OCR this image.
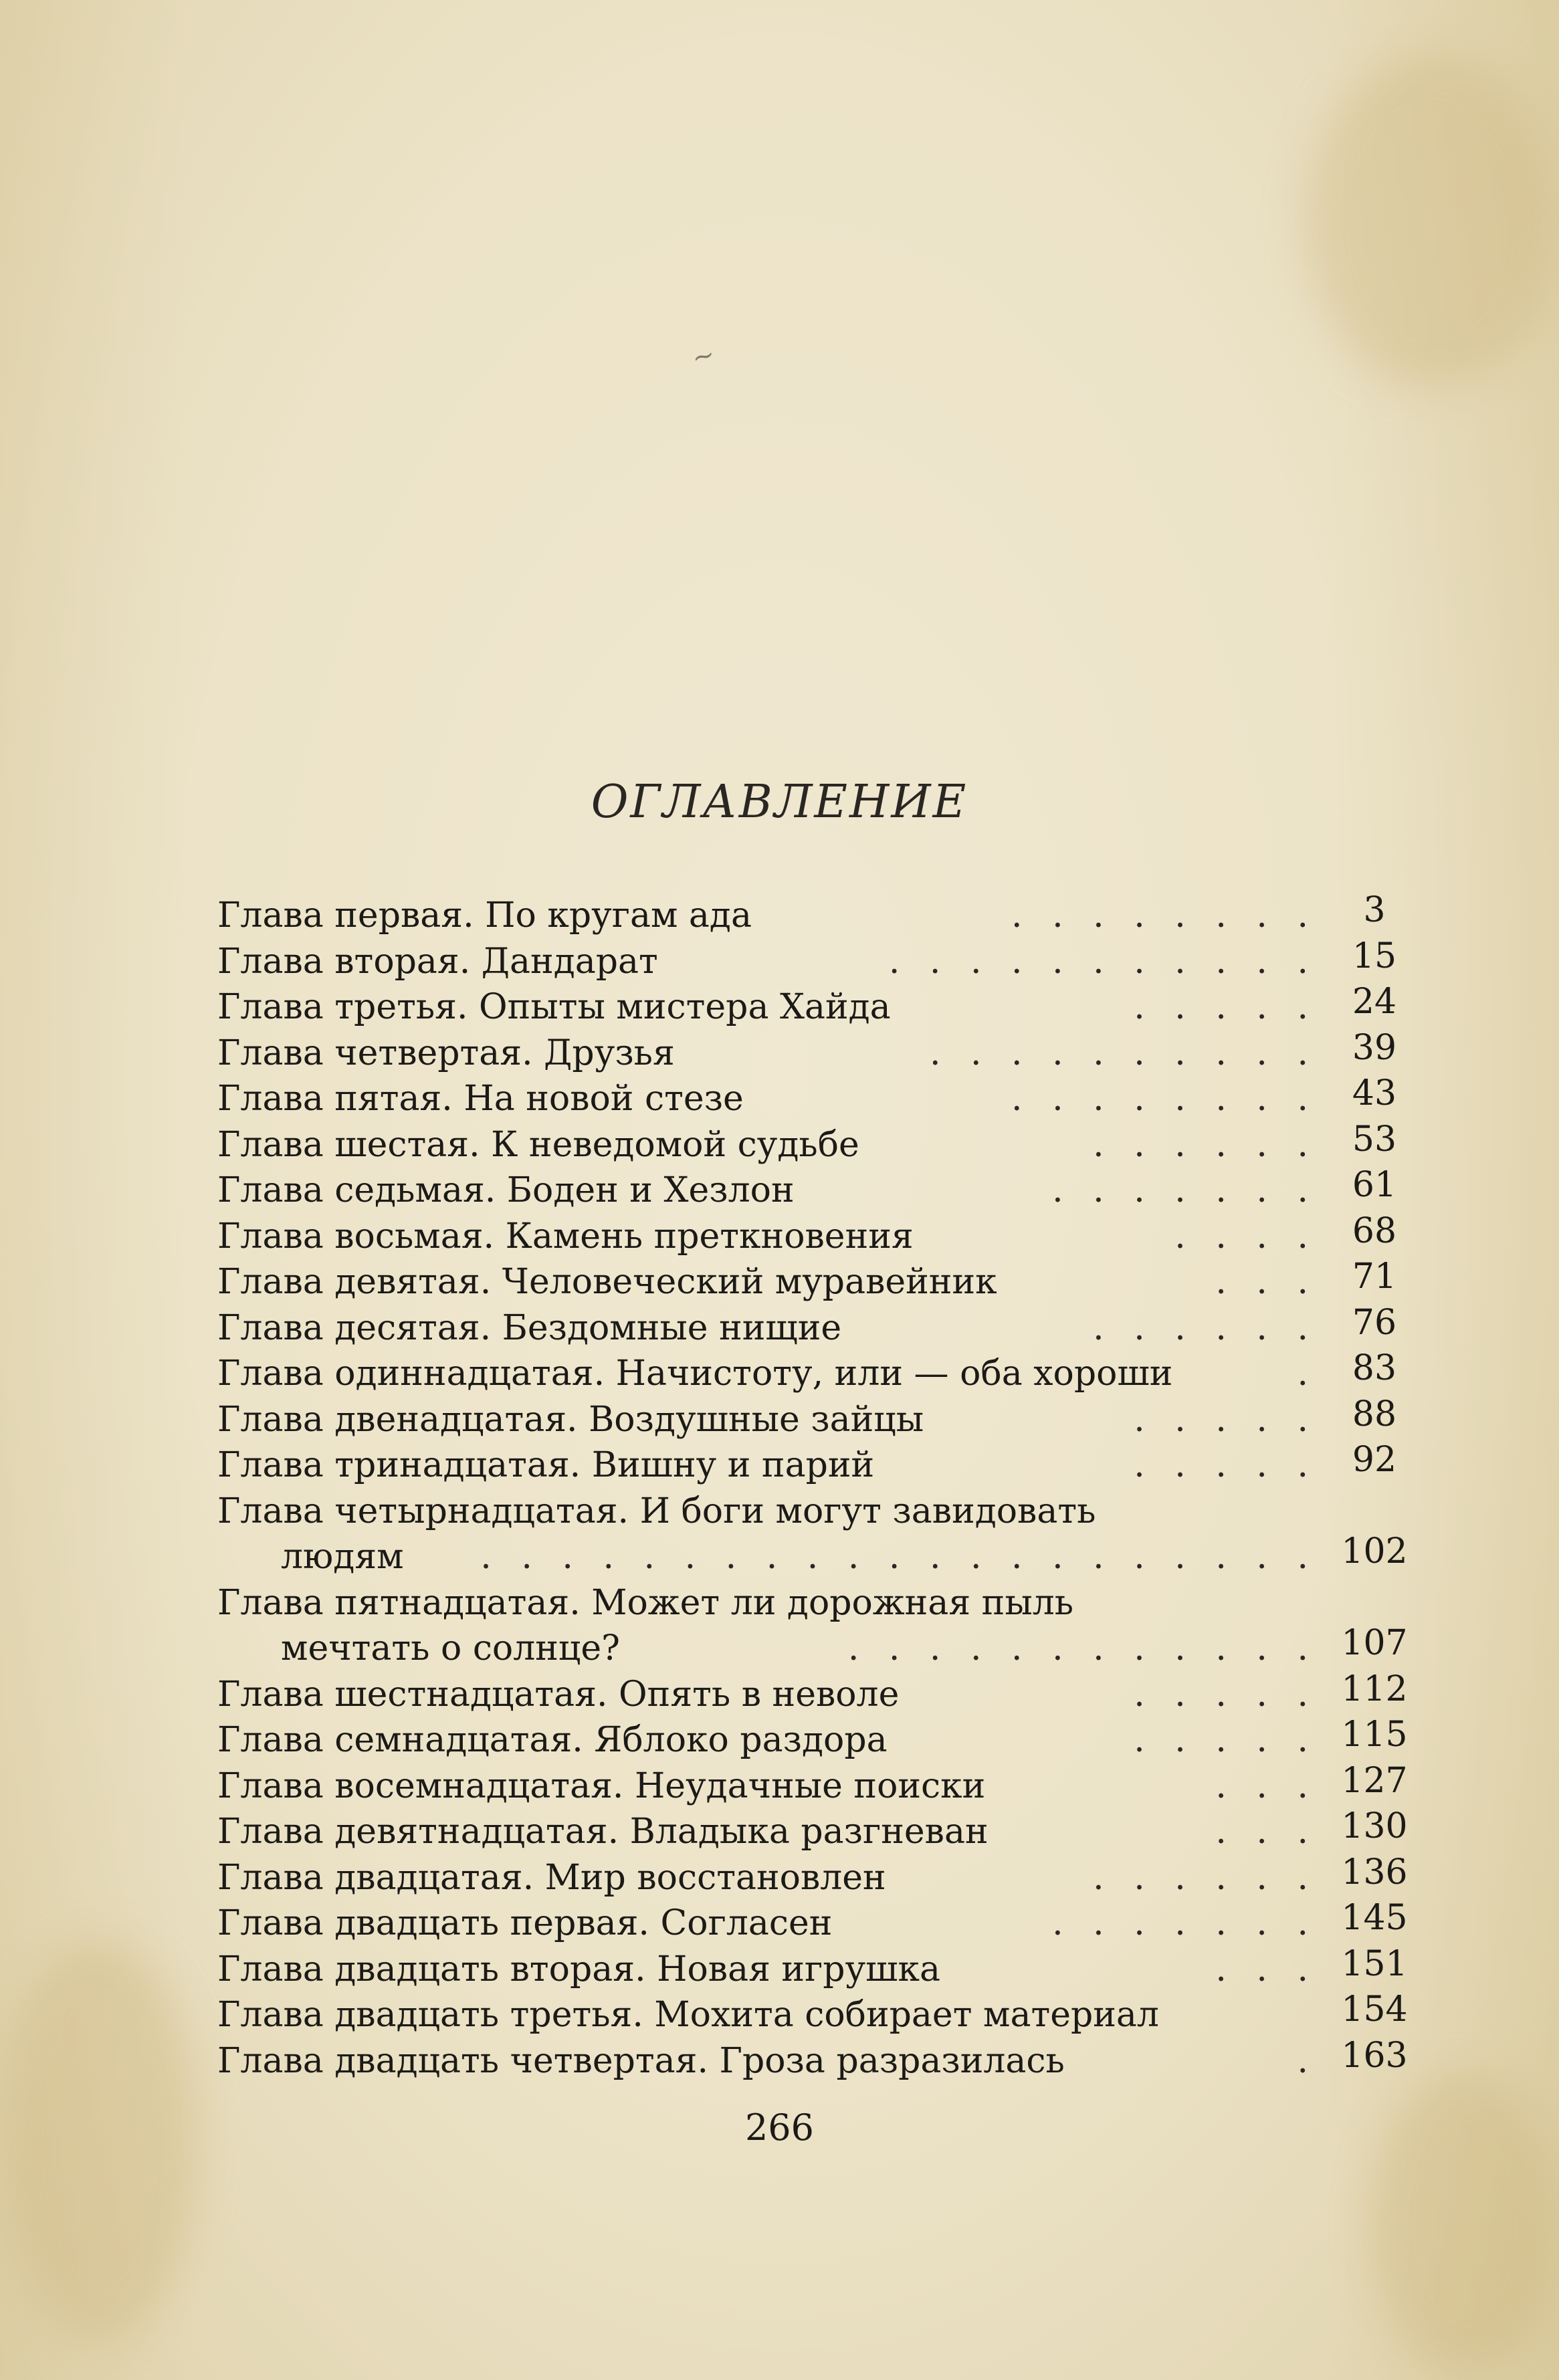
~
ОГЛАВЛЕНИЕ
Глава первая. По кругам ада	. . . . . . . .	3
Глава вторая. Дандарат	. . . . . . . . . . . 15
Глава третья. Опыты мистера Хайда	. . . . . 24
Глава четвертая. Друзья	. . . . . . . . . . 39
Глава пятая. На новой стезе	. . . . . . . . 43
Глава шестая. К неведомой судьбе	. . . . . . 53
Глава седьмая. Боден и Хезлон	. . . . . . . 61
Глава восьмая. Камень преткновения	. . . . 68
Глава девятая. Человеческий муравейник	. . . 71
Глава десятая. Бездомные нищие	. . . . . . 76
Глава одиннадцатая. Начистоту, или — оба хороши	. 83
Глава двенадцатая. Воздушные зайцы	. . . . . 88
Глава тринадцатая. Вишну и парий	. . . . . 92
Глава четырнадцатая. И боги могут завидовать
людям . . . . . . . . . . . . . . . . . . . . . 102
Глава пятнадцатая. Может ли дорожная пыль
мечтать о солнце?	. . . . . . . . . . . . 107
Глава шестнадцатая. Опять в неволе	. . . . . 112
Глава семнадцатая. Яблоко раздора	. . . . . 115
Глава восемнадцатая. Неудачные поиски	. . . 127
Глава девятнадцатая. Владыка разгневан	. . . 130
Глава двадцатая. Мир восстановлен	. . . . . . 136
Глава двадцать первая. Согласен	. . . . . . . 145
Глава двадцать вторая. Новая игрушка	. . . 151
Глава двадцать третья. Мохита собирает материал	154
Глава двадцать четвертая. Гроза разразилась	. 163
266
